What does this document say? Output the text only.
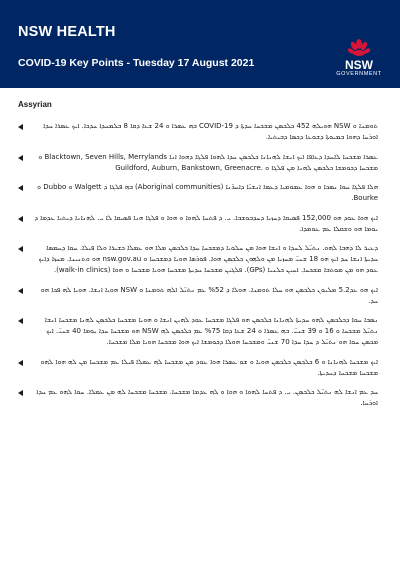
NSW HEALTH
COVID-19 Key Points - Tuesday 17 August 2021	NSW
GOVERNMENT
Assyrian
ܬܘܡܢܐ ܘ NSW ܗܘܝܠܗ 452 ܟܠܟܣܢ ܡܫܟܚܐ ܚܕܬܐ ܕ COVID-19 ܒܗ ܥܣܪܐ ܘ 24 ܫܥܐ ܕܩܐ 8 ܒܠܡܚܕܐ ܚܕܟܐ. ܐܝܟ ܥܣܪܐ ܚܕܐ ܐܘܪܚܐ ܕܗܘܐ ܒܡܝܘܬܐ ܕܫܘܥܐ ܕܟܣܐ ܕܒܝܬܝܐ.
ܥܣܪܐ ܡܫܟܚܐ ܠܐܚܕܐ ܕܥܐܦܐ ܐܝܟ ܐܢܫܐ ܠܗܢܐܢܐ ܟܠܟܣܢ ܚܕܐ ܠܗܘܐ ܦܠܓܐ ܕܗܘܐ ܐܢܐ Blacktown, Seven Hills, Merrylands ܘ ܡܫܟܚܐ ܕܟܘܡܫܐ ܟܠܟܣܢ ܠܗܢܐ ܡܢ ܦܠܓܐ ܘ .Guildford, Auburn, Bankstown, Greenacre
ܗܠܐ ܦܠܓܐ ܚܘܐ ܢܣܟܐ ܘ ܗܘܐ ܥܡܘܡܝܐ ܕܥܡܐ ܐܢܫܝ̈ܐ ܕܐܚܪ̈ܢܐ (Aboriginal communities) ܒܗ ܦܠܓܐ ܕ Walgett ܘ Dubbo ܘ Bourke.
ܐܝܟ ܗܘܐ ܥܘܕ ܗܘ 152,000 ܦܣܝܩܐ ܕܚܙܝܐ ܕܚܕܒܘܫܒܐ. ܝ. ܕ ܦܬܚܐ ܠܗܘܐ ܘ ܗܘܐ ܘ ܦܠܓܐ ܗܢܐ ܦܣܝܩܐ ܠܐ ܝ. ܠܗܢܐܢܐ ܕܝܬܝܐ ܥܕܡܐ ܕ ܝܘܡܐ ܗܘ ܘܫܩܠܐ ܥܡ ܥܘܡܕܐ.
ܕܥܝܪ ܠܐ ܕܗܒܐ ܠܗܘ. ܢܬܝ̈ܠ ܠܚܕܐ ܘ ܐܢܫܐ ܗܘܐ ܡܢ ܚܠܘܝܐ ܕܡܫܟܚܐ ܚܕܐ ܟܠܟܣܢ ܡܠܐ ܗܘ ܥܡܠܐ ܟܫܝܪܐ ܘܠܐ ܦܝܠܐ. ܚܘܐ ܕܚܡܣܐ ܚܕܝܬܐ ܐܢܫܐ ܚܕ ܐܝܟ ܗܘ 18 ܫܢܝ̈ ܡܚܙܝܐ ܡܢ ܘܠܗܘܢ ܟܠܟܣܢ ܗܘܐ. ܦܘܪܣܐ ܗܘܝܐ ܕܡܫܟܚܐ ܘ nsw.gov.au ܗܘ ܘܬܢܝܢܐ. ܡܚܙܐ ܕܐܝܟ ܥܘܕ ܗܘ ܡܢ ܡܘܬܒܐ ܡܫܟܚܐ. ܐܚܝܢ ܟܠܢܝܐ (GPs). ܦܠܓܝܢ ܡܫܟܚܐ ܚܕܝܬܐ ܡܫܟܚܐ ܗܘܝܐ ܡܫܟܚܐ ܘ ܗܘܐ (walk-in clinics).
ܐܝܟ ܗܘ ܥܕ5.2 ܡܠܝܘܢ ܟܠܟܣܢ ܗܘ ܚܠܐ ܬܘܡܢܐ. ܗܘܠܐ ܕ 52% ܥܡ ܢܬܝ̈ܠ ܐܠܗ ܬܘܡܢܐ ܘ NSW ܗܘܝܐ ܐܢܫܐ. ܗܘܝܐ ܠܗ ܦܟܐ ܗܘ ܚܕ.
ܢܣܒܐ ܚܘܐ ܕܟܠܟܣܢ ܠܗܘ ܚܕܝܬܐ ܠܗܢܐܢܐ ܟܠܟܣܢ ܗܘ ܦܠܓܐ ܡܫܟܚܐ ܥܘܕ ܠܗܝܢ ܐܢܫܐ ܘ ܗܘܝܐ ܡܫܟܚܐ ܟܠܟܣܢ ܠܗܢܐ ܡܫܟܚܐ ܐܢܫܐ ܢܬܝ̈ܠ ܡܫܟܚܐ ܘ 16 ܘ 39 ܫܢܝ̈. ܒܗ ܥܣܪܐ ܘ 24 ܫܥܐ ܕܩܐ 75% ܥܡ ܟܠܟܣܢ ܠܗ NSW ܗܘ ܡܫܟܚܐ ܚܕܐ ܝܘܡܐ 40 ܫܢܝ̈. ܐܝܟ ܡܟܣܢ ܚܘܐ ܗܘ ܢܬܝ̈ܠ ܕ ܚܕܐ ܚܕܐ 70 ܫܢܝ̈ ܘܡܫܟܚܐ ܗܘܠܐ ܕܟܘܡܫܐ ܐܝܟ ܗܘܐ ܡܫܟܚܐ ܗܘܝܐ ܡܠܐ ܡܫܟܚܐ.
ܐܝܟ ܡܫܟܚܐ ܠܗܢܐܢܐ ܘ 6 ܟܠܟܣܢ ܟܠܟܣܢ ܗܘܝܐ ܘ ܫܘ ܥܣܪܐ ܗܘܐ ܥܘܕ ܡܢ ܡܫܟܚܐ ܠܗ ܥܡܠܐ ܦܝܠܐ ܥܡ ܡܫܟܚܐ ܡܢ ܠܗ ܗܘܐ ܠܗܘ ܡܫܟܚܐ ܡܫܟܚܐ ܕܚܕܝܬܐ.
ܚܕ ܥܡ ܐܢܫܐ ܠܗ ܢܬܝ̈ܠ ܟܠܟܣܢ. ܝ. ܕ ܦܬܚܐ ܠܗܘܐ ܘ ܗܘܐ ܘ ܠܗ ܥܕܡܐ ܡܫܟܚܐ. ܡܫܟܚܐ ܡܫܟܚܐ ܠܗ ܡܢ ܥܡܠܐ. ܚܘܐ ܠܗܘ ܥܡ ܚܕܐ ܐܘܪܚܐ.
